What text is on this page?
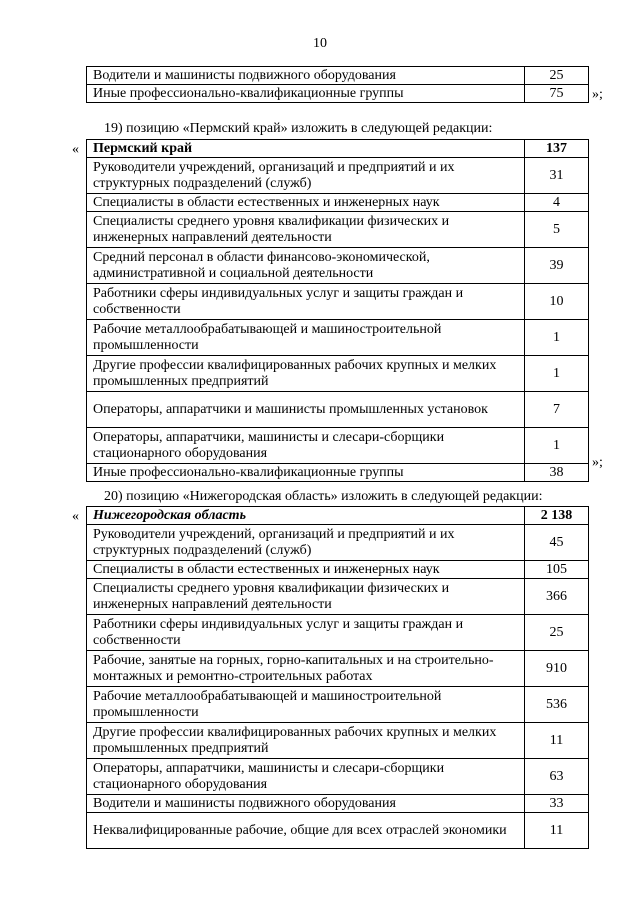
10
Водители и машинисты подвижного оборудования	25
Иные профессионально-квалификационные группы	75 »;
19) позицию «Пермский край» изложить в следующей редакции:
« Пермский край	137
Руководители учреждений, организаций и предприятий и их структурных подразделений (служб)	31
Специалисты в области естественных и инженерных наук	4
Специалисты среднего уровня квалификации физических и инженерных направлений деятельности	5
Средний персонал в области финансово-экономической, административной и социальной деятельности	39
Работники сферы индивидуальных услуг и защиты граждан и собственности	10
Рабочие металлообрабатывающей и машиностроительной промышленности	1
Другие профессии квалифицированных рабочих крупных и мелких промышленных предприятий	1
Операторы, аппаратчики и машинисты промышленных установок	7
Операторы, аппаратчики, машинисты и слесари-сборщики стационарного оборудования	1
Иные профессионально-квалификационные группы	38
»;
20) позицию «Нижегородская область» изложить в следующей редакции:
« Нижегородская область	2 138
Руководители учреждений, организаций и предприятий и их структурных подразделений (служб)	45
Специалисты в области естественных и инженерных наук	105
Специалисты среднего уровня квалификации физических и инженерных направлений деятельности	366
Работники сферы индивидуальных услуг и защиты граждан и собственности	25
Рабочие, занятые на горных, горно-капитальных и на строительно-монтажных и ремонтно-строительных работах	910
Рабочие металлообрабатывающей и машиностроительной промышленности	536
Другие профессии квалифицированных рабочих крупных и мелких промышленных предприятий	11
Операторы, аппаратчики, машинисты и слесари-сборщики стационарного оборудования	63
Водители и машинисты подвижного оборудования	33
Неквалифицированные рабочие, общие для всех отраслей экономики	11
